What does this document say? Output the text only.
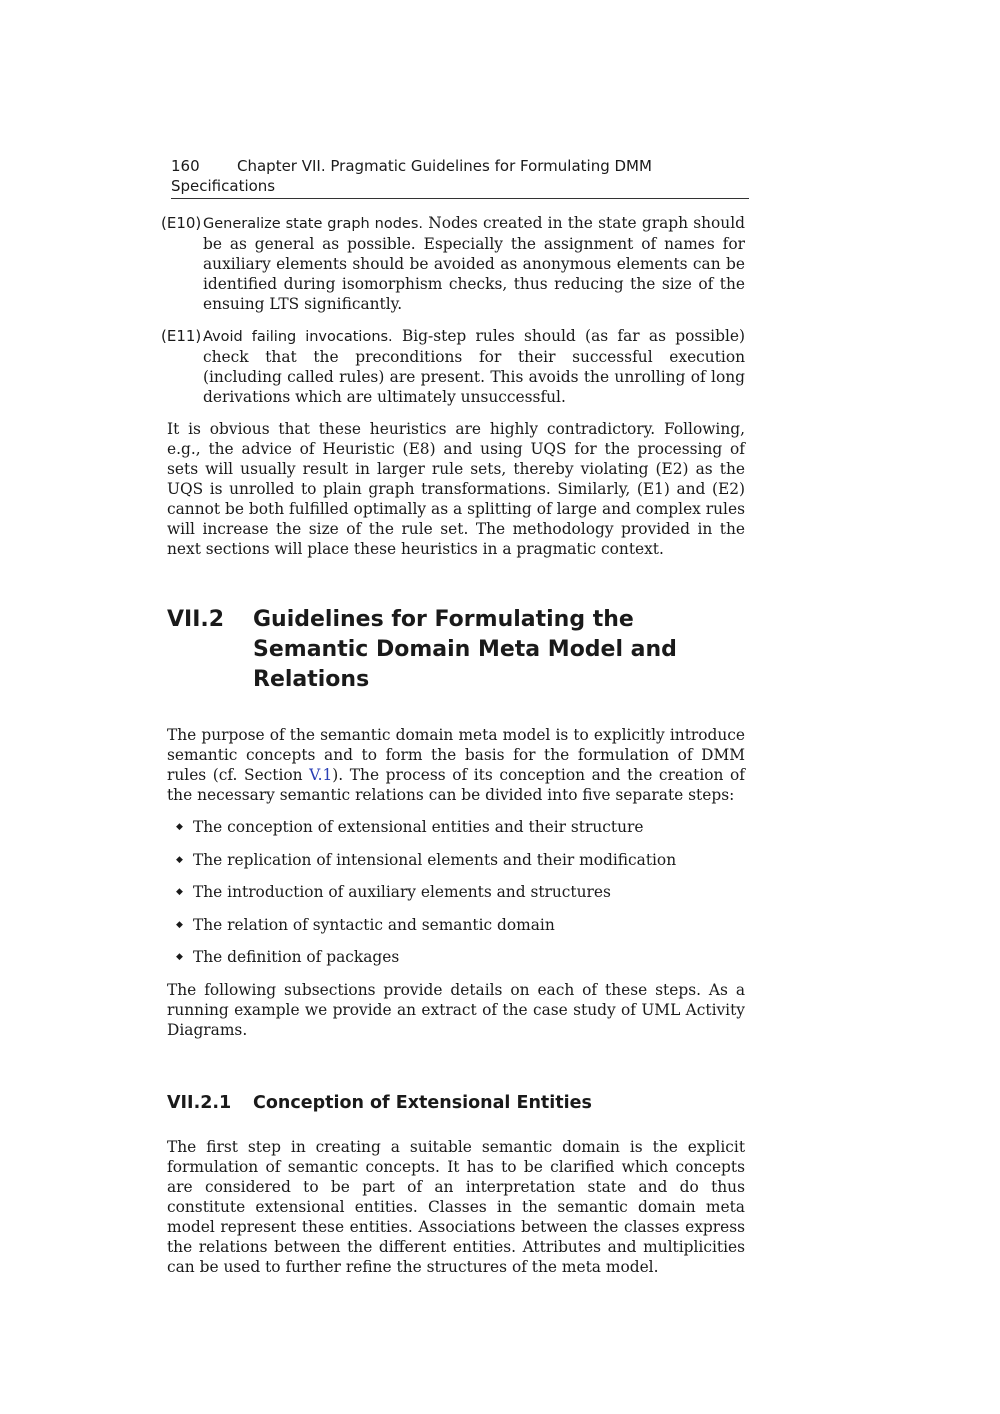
160 Chapter VII. Pragmatic Guidelines for Formulating DMM Specifications
(E10) Generalize state graph nodes. Nodes created in the state graph should be as general as possible. Especially the assignment of names for auxiliary elements should be avoided as anonymous elements can be identified during isomorphism checks, thus reducing the size of the ensuing LTS significantly.

(E11) Avoid failing invocations. Big-step rules should (as far as possible) check that the preconditions for their successful execution (including called rules) are present. This avoids the unrolling of long derivations which are ultimately unsuccessful.

It is obvious that these heuristics are highly contradictory. Following, e.g., the advice of Heuristic (E8) and using UQS for the processing of sets will usually result in larger rule sets, thereby violating (E2) as the UQS is unrolled to plain graph transformations. Similarly, (E1) and (E2) cannot be both fulfilled optimally as a splitting of large and complex rules will increase the size of the rule set. The methodology provided in the next sections will place these heuristics in a pragmatic context.

VII.2	Guidelines for Formulating the Semantic Domain Meta Model and Relations

The purpose of the semantic domain meta model is to explicitly introduce semantic concepts and to form the basis for the formulation of DMM rules (cf. Section V.1). The process of its conception and the creation of the necessary semantic relations can be divided into five separate steps:

◆ The conception of extensional entities and their structure
◆ The replication of intensional elements and their modification
◆ The introduction of auxiliary elements and structures
◆ The relation of syntactic and semantic domain
◆ The definition of packages

The following subsections provide details on each of these steps. As a running example we provide an extract of the case study of UML Activity Diagrams.

VII.2.1	Conception of Extensional Entities

The first step in creating a suitable semantic domain is the explicit formulation of semantic concepts. It has to be clarified which concepts are considered to be part of an interpretation state and do thus constitute extensional entities. Classes in the semantic domain meta model represent these entities. Associations between the classes express the relations between the different entities. Attributes and multiplicities can be used to further refine the structures of the meta model.
